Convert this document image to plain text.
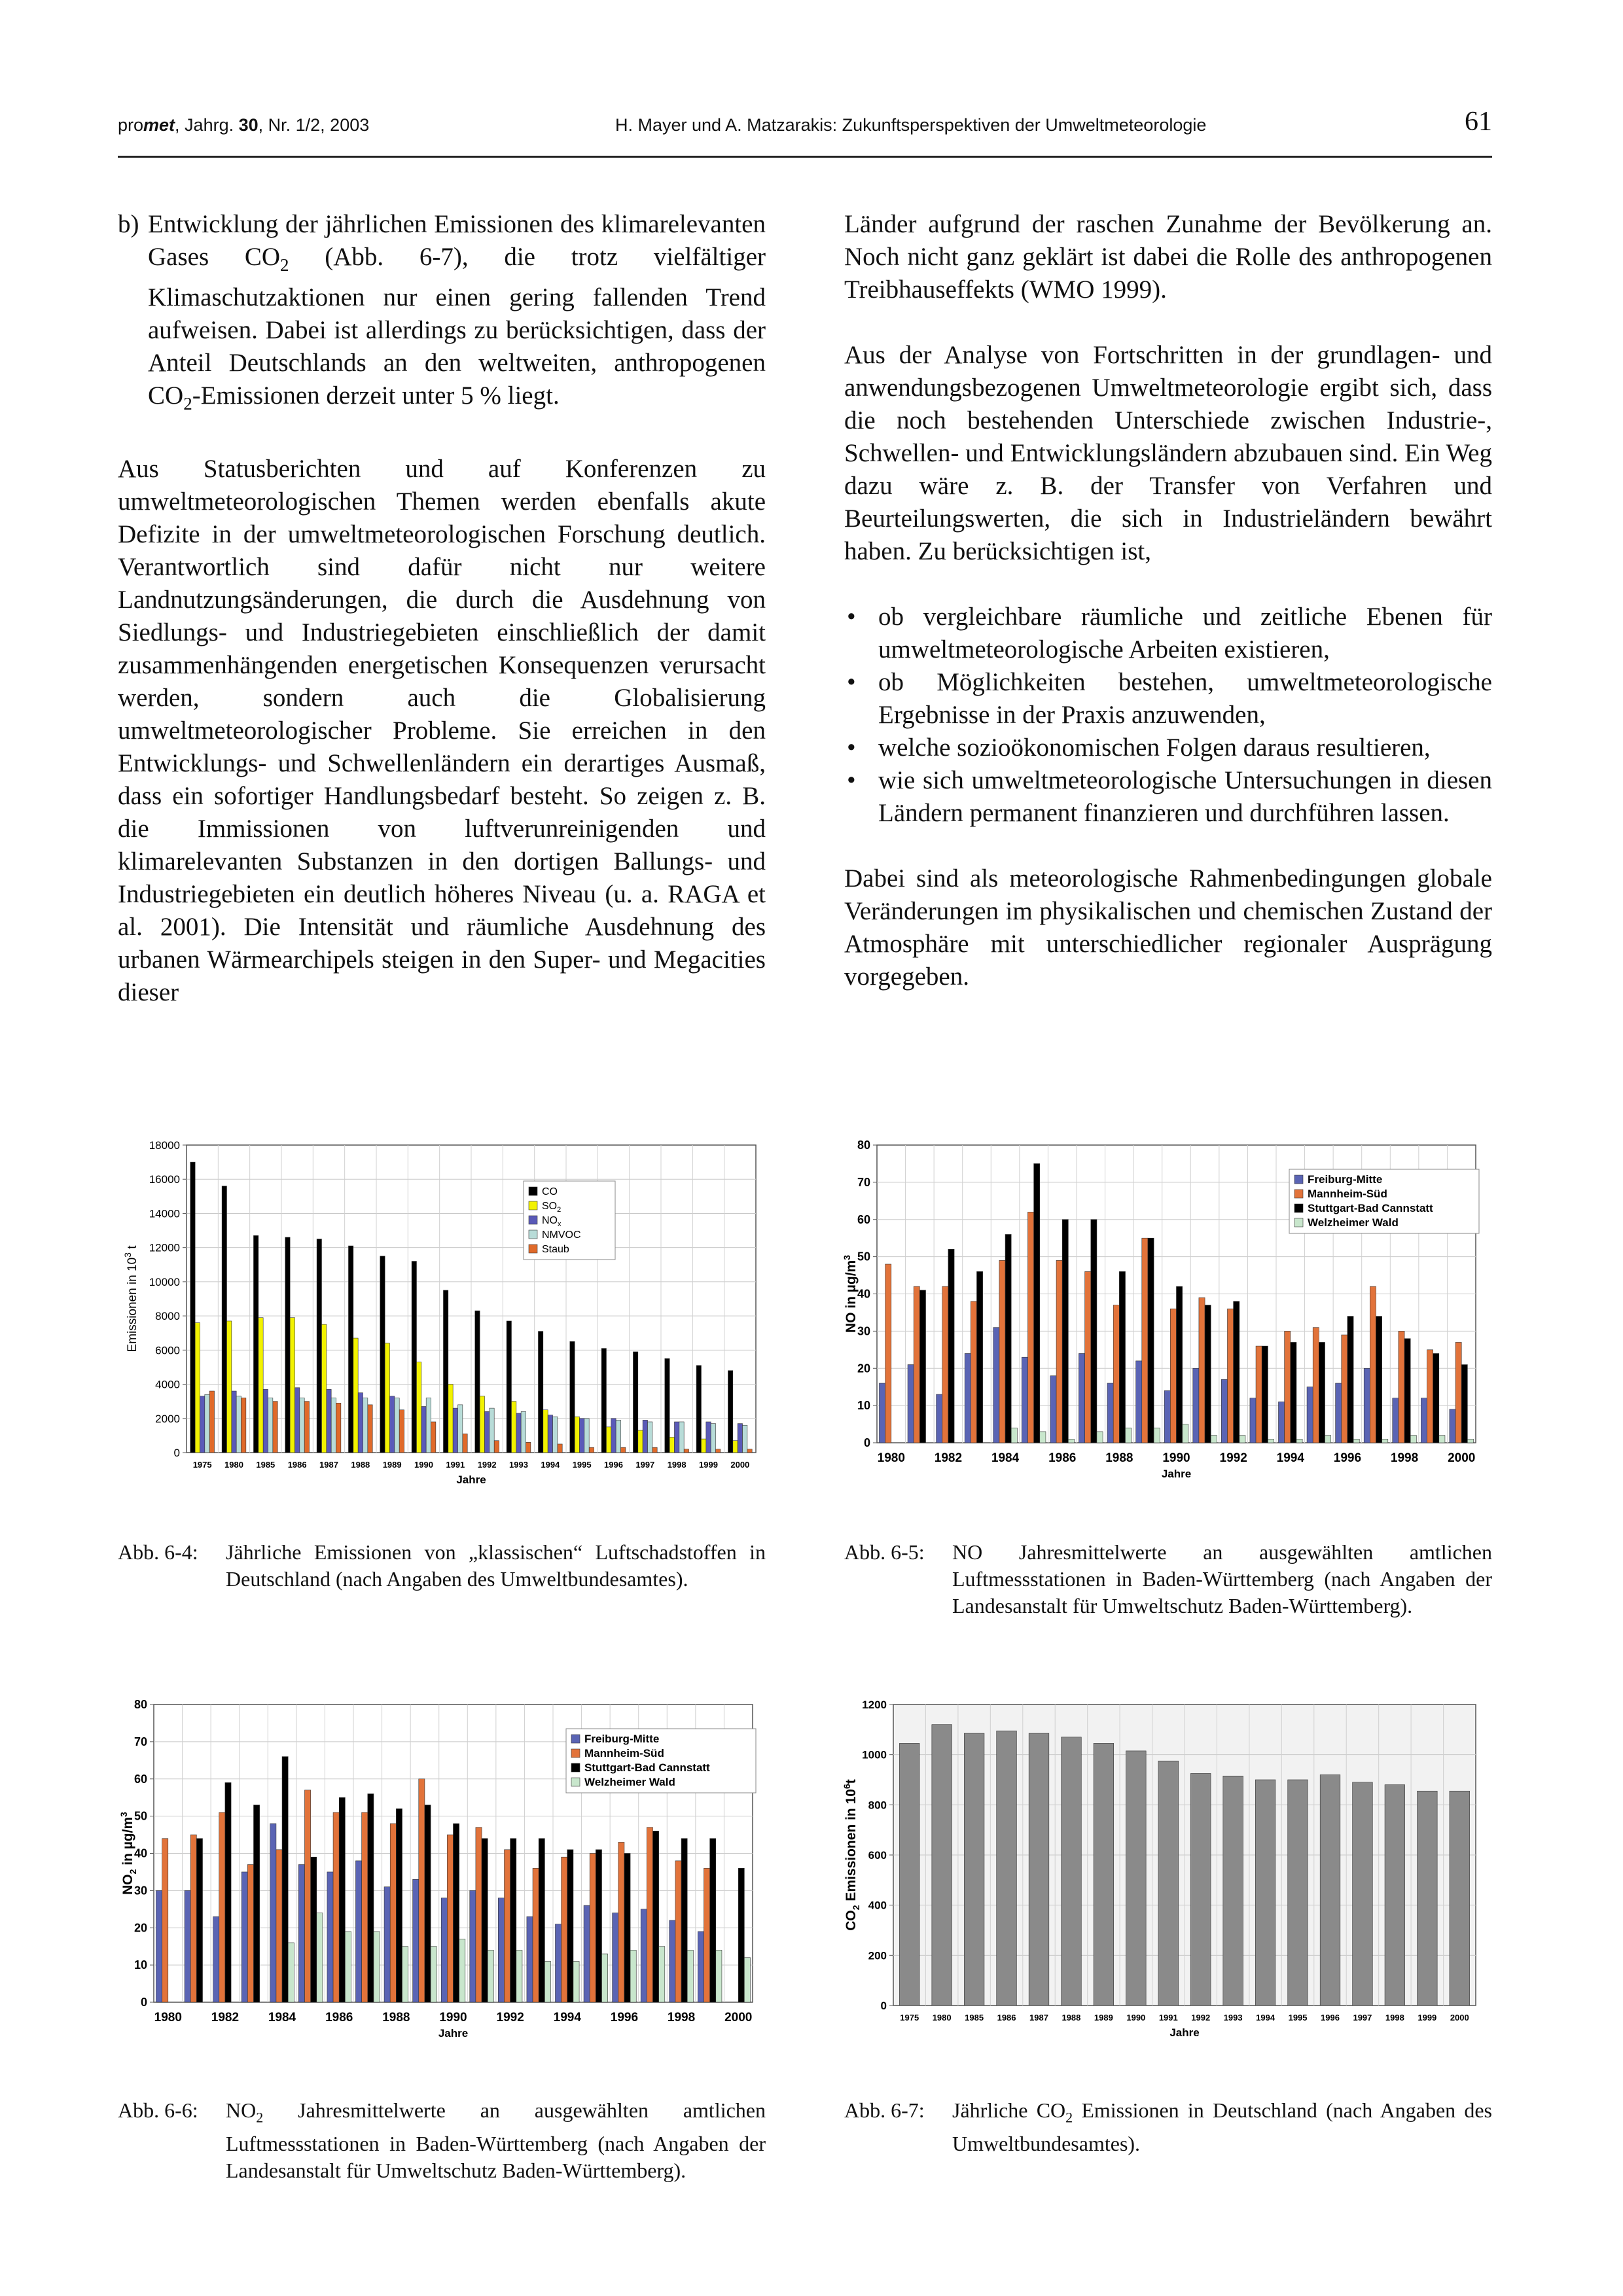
promet, Jahrg. 30, Nr. 1/2, 2003	H. Mayer und A. Matzarakis: Zukunftsperspektiven der Umweltmeteorologie	61
b) Entwicklung der jährlichen Emissionen des klimarelevanten Gases $CO_2$ (Abb. 6-7), die trotz vielfältiger Klimaschutzaktionen nur einen gering fallenden Trend aufweisen. Dabei ist allerdings zu berücksichtigen, dass der Anteil Deutschlands an den weltweiten, anthropogenen $CO_2$-Emissionen derzeit unter 5 % liegt.

Aus Statusberichten und auf Konferenzen zu umweltmeteorologischen Themen werden ebenfalls akute Defizite in der umweltmeteorologischen Forschung deutlich. Verantwortlich sind dafür nicht nur weitere Landnutzungsänderungen, die durch die Ausdehnung von Siedlungs- und Industriegebieten einschließlich der damit zusammenhängenden energetischen Konsequenzen verursacht werden, sondern auch die Globalisierung umweltmeteorologischer Probleme. Sie erreichen in den Entwicklungs- und Schwellenländern ein derartiges Ausmaß, dass ein sofortiger Handlungsbedarf besteht. So zeigen z. B. die Immissionen von luftverunreinigenden und klimarelevanten Substanzen in den dortigen Ballungs- und Industriegebieten ein deutlich höheres Niveau (u. a. RAGA et al. 2001). Die Intensität und räumliche Ausdehnung des urbanen Wärmearchipels steigen in den Super- und Megacities dieser

Länder aufgrund der raschen Zunahme der Bevölkerung an. Noch nicht ganz geklärt ist dabei die Rolle des anthropogenen Treibhauseffekts (WMO 1999).

Aus der Analyse von Fortschritten in der grundlagen- und anwendungsbezogenen Umweltmeteorologie ergibt sich, dass die noch bestehenden Unterschiede zwischen Industrie-, Schwellen- und Entwicklungsländern abzubauen sind. Ein Weg dazu wäre z. B. der Transfer von Verfahren und Beurteilungswerten, die sich in Industrieländern bewährt haben. Zu berücksichtigen ist,

• ob vergleichbare räumliche und zeitliche Ebenen für umweltmeteorologische Arbeiten existieren,
• ob Möglichkeiten bestehen, umweltmeteorologische Ergebnisse in der Praxis anzuwenden,
• welche sozioökonomischen Folgen daraus resultieren,
• wie sich umweltmeteorologische Untersuchungen in diesen Ländern permanent finanzieren und durchführen lassen.

Dabei sind als meteorologische Rahmenbedingungen globale Veränderungen im physikalischen und chemischen Zustand der Atmosphäre mit unterschiedlicher regionaler Ausprägung vorgegeben.

0
2000
4000
6000
8000
10000
12000
14000
16000
18000
1975 1980 1985 1986 1987 1988 1989 1990 1991 1992 1993 1994 1995 1996 1997 1998 1999 2000
Jahre
Emissionen in $10^3$ t
CO
$SO_2$
$NO_x$
NMVOC
Staub
0
10
20
30
40
50
60
70
80
1980 1982 1984 1986 1988 1990 1992 1994 1996 1998 2000
Jahre
NO in $\mu g/m^3$
Freiburg-Mitte
Mannheim-Süd
Stuttgart-Bad Cannstatt
Welzheimer Wald
0
10
20
30
40
50
60
70
80
1980 1982 1984 1986 1988 1990 1992 1994 1996 1998 2000
Jahre
$NO_2$ in $\mu g/m^3$
Freiburg-Mitte
Mannheim-Süd
Stuttgart-Bad Cannstatt
Welzheimer Wald
0
200
400
600
800
1000
1200
1975 1980 1985 1986 1987 1988 1989 1990 1991 1992 1993 1994 1995 1996 1997 1998 1999 2000
Jahre
$CO_2$ Emissionen in $10^6t$
Abb. 6-4:	Jährliche Emissionen von „klassischen“ Luftschadstoffen in Deutschland (nach Angaben des Umweltbundesamtes).
Abb. 6-5:	NO Jahresmittelwerte an ausgewählten amtlichen Luftmessstationen in Baden-Württemberg (nach Angaben der Landesanstalt für Umweltschutz Baden-Württemberg).
Abb. 6-6:	$NO_2$ Jahresmittelwerte an ausgewählten amtlichen Luftmessstationen in Baden-Württemberg (nach Angaben der Landesanstalt für Umweltschutz Baden-Württemberg).
Abb. 6-7:	Jährliche $CO_2$ Emissionen in Deutschland (nach Angaben des Umweltbundesamtes).
